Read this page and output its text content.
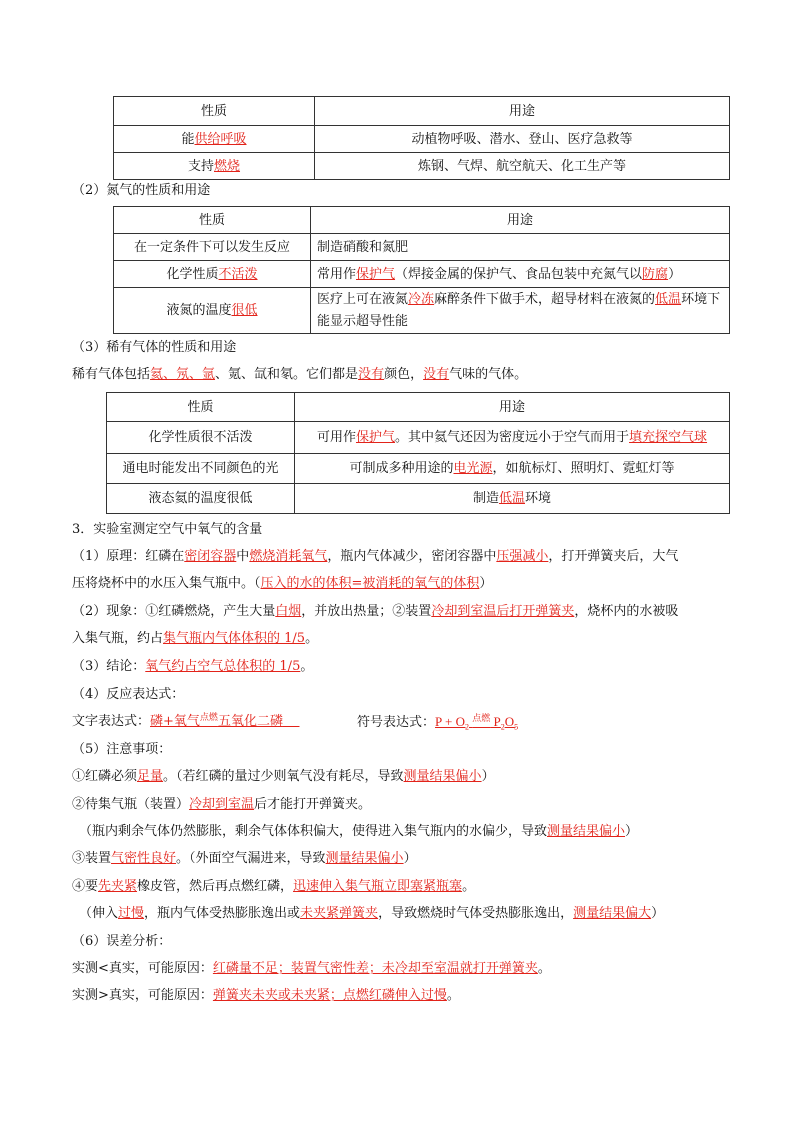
性质	用途
能供给呼吸	动植物呼吸、潜水、登山、医疗急救等
支持燃烧	炼钢、气焊、航空航天、化工生产等
（2）氮气的性质和用途
性质	用途
在一定条件下可以发生反应	制造硝酸和氮肥
化学性质不活泼	常用作保护气（焊接金属的保护气、食品包装中充氮气以防腐）
液氮的温度很低	医疗上可在液氮冷冻麻醉条件下做手术，超导材料在液氮的低温环境下能显示超导性能
（3）稀有气体的性质和用途
稀有气体包括氦、氖、氩、氪、氙和氡。它们都是没有颜色，没有气味的气体。
性质	用途
化学性质很不活泼	可用作保护气。其中氦气还因为密度远小于空气而用于填充探空气球
通电时能发出不同颜色的光	可制成多种用途的电光源，如航标灯、照明灯、霓虹灯等
液态氦的温度很低	制造低温环境
3．实验室测定空气中氧气的含量
（1）原理：红磷在密闭容器中燃烧消耗氧气，瓶内气体减少，密闭容器中压强减小，打开弹簧夹后，大气
压将烧杯中的水压入集气瓶中。（压入的水的体积=被消耗的氧气的体积）
（2）现象：①红磷燃烧，产生大量白烟，并放出热量；②装置冷却到室温后打开弹簧夹，烧杯内的水被吸
入集气瓶，约占集气瓶内气体体积的 1/5。
（3）结论：氧气约占空气总体积的 1/5。
（4）反应表达式：
文字表达式：磷+氧气$^{点燃}$五氧化二磷	符号表达式：$P + O_2$ $^{点燃}$ $P_2O_5$
（5）注意事项：
①红磷必须足量。（若红磷的量过少则氧气没有耗尽，导致测量结果偏小）
②待集气瓶（装置）冷却到室温后才能打开弹簧夹。
（瓶内剩余气体仍然膨胀，剩余气体体积偏大，使得进入集气瓶内的水偏少，导致测量结果偏小）
③装置气密性良好。（外面空气漏进来，导致测量结果偏小）
④要先夹紧橡皮管，然后再点燃红磷，迅速伸入集气瓶立即塞紧瓶塞。
（伸入过慢，瓶内气体受热膨胀逸出或未夹紧弹簧夹，导致燃烧时气体受热膨胀逸出，测量结果偏大）
（6）误差分析：
实测<真实，可能原因：红磷量不足；装置气密性差；未冷却至室温就打开弹簧夹。
实测>真实，可能原因：弹簧夹未夹或未夹紧；点燃红磷伸入过慢。
